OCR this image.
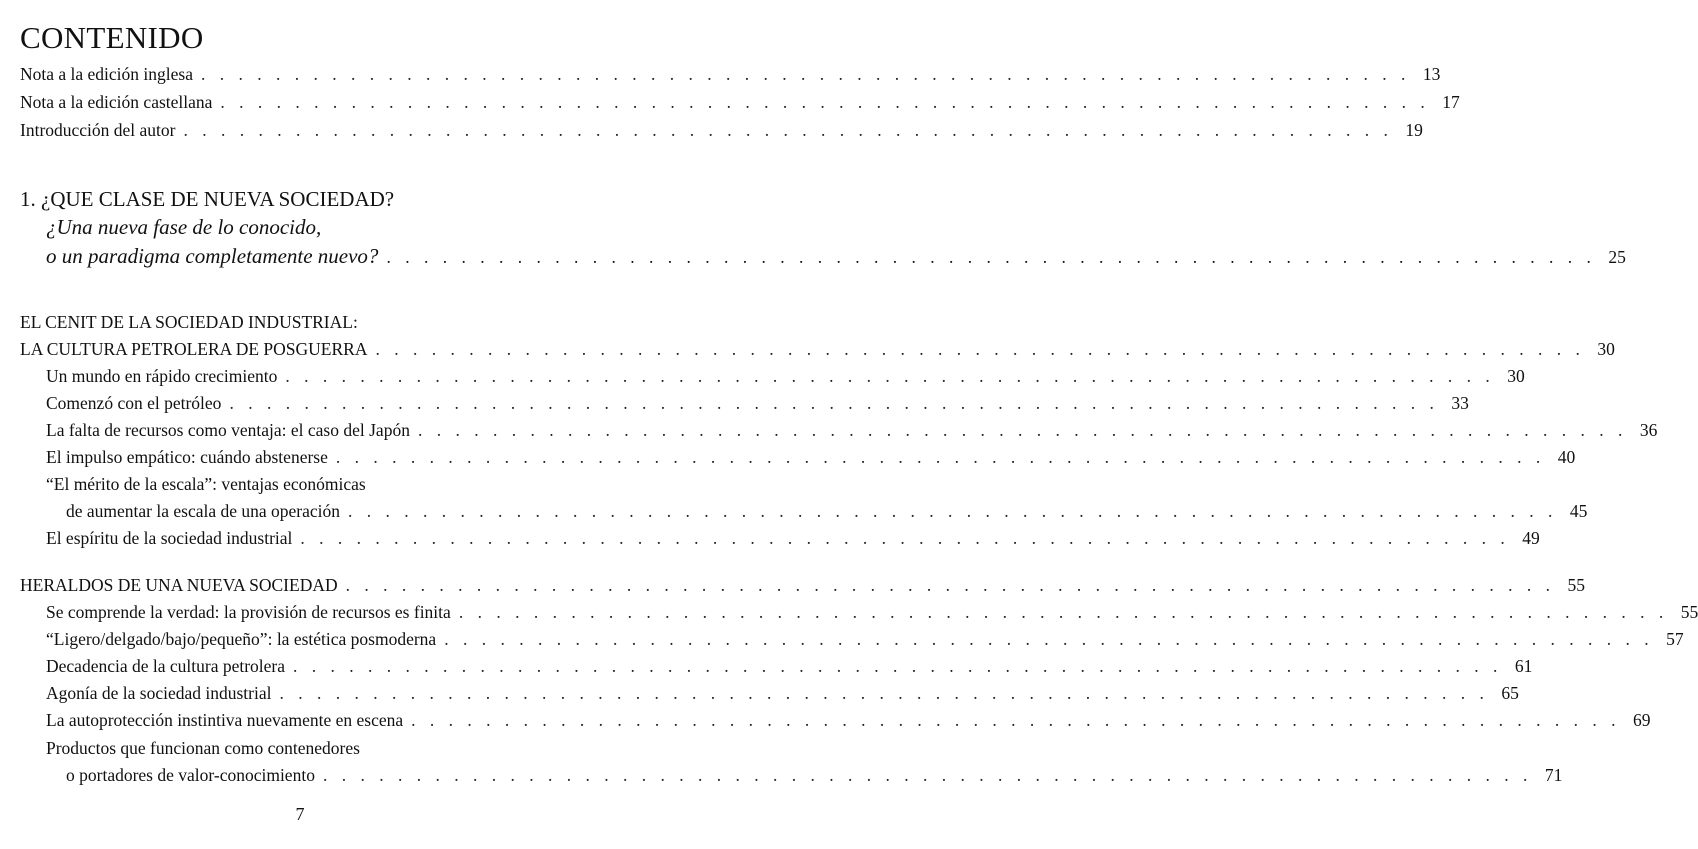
CONTENIDO
Nota a la edición inglesa . . . . . . . . . . . . . . . . . . . . . . . . . . . . . . . . . . . . . . . . . . . . . . . . . . . . . . . . . . . . . . . . . 13
Nota a la edición castellana . . . . . . . . . . . . . . . . . . . . . . . . . . . . . . . . . . . . . . . . . . . . . . . . . . . . . . . . . . . . . . . . . 17
Introducción del autor . . . . . . . . . . . . . . . . . . . . . . . . . . . . . . . . . . . . . . . . . . . . . . . . . . . . . . . . . . . . . . . . . 19
1. ¿QUE CLASE DE NUEVA SOCIEDAD?
¿Una nueva fase de lo conocido,
o un paradigma completamente nuevo? . . . . . . . . . . . . . . . . . . . . . . . . . . . . . . . . . . . . . . . . . . . . . . . . . . . . . . . . . . . . . . . . . 25
EL CENIT DE LA SOCIEDAD INDUSTRIAL:
LA CULTURA PETROLERA DE POSGUERRA . . . . . . . . . . . . . . . . . . . . . . . . . . . . . . . . . . . . . . . . . . . . . . . . . . . . . . . . . . . . . . . . . 30
Un mundo en rápido crecimiento . . . . . . . . . . . . . . . . . . . . . . . . . . . . . . . . . . . . . . . . . . . . . . . . . . . . . . . . . . . . . . . . . 30
Comenzó con el petróleo . . . . . . . . . . . . . . . . . . . . . . . . . . . . . . . . . . . . . . . . . . . . . . . . . . . . . . . . . . . . . . . . . 33
La falta de recursos como ventaja: el caso del Japón . . . . . . . . . . . . . . . . . . . . . . . . . . . . . . . . . . . . . . . . . . . . . . . . . . . . . . . . . . . . . . . . . 36
El impulso empático: cuándo abstenerse . . . . . . . . . . . . . . . . . . . . . . . . . . . . . . . . . . . . . . . . . . . . . . . . . . . . . . . . . . . . . . . . . 40
“El mérito de la escala”: ventajas económicas
de aumentar la escala de una operación . . . . . . . . . . . . . . . . . . . . . . . . . . . . . . . . . . . . . . . . . . . . . . . . . . . . . . . . . . . . . . . . . 45
El espíritu de la sociedad industrial . . . . . . . . . . . . . . . . . . . . . . . . . . . . . . . . . . . . . . . . . . . . . . . . . . . . . . . . . . . . . . . . . 49
HERALDOS DE UNA NUEVA SOCIEDAD . . . . . . . . . . . . . . . . . . . . . . . . . . . . . . . . . . . . . . . . . . . . . . . . . . . . . . . . . . . . . . . . . 55
Se comprende la verdad: la provisión de recursos es finita . . . . . . . . . . . . . . . . . . . . . . . . . . . . . . . . . . . . . . . . . . . . . . . . . . . . . . . . . . . . . . . . . 55
“Ligero/delgado/bajo/pequeño”: la estética posmoderna . . . . . . . . . . . . . . . . . . . . . . . . . . . . . . . . . . . . . . . . . . . . . . . . . . . . . . . . . . . . . . . . . 57
Decadencia de la cultura petrolera . . . . . . . . . . . . . . . . . . . . . . . . . . . . . . . . . . . . . . . . . . . . . . . . . . . . . . . . . . . . . . . . . 61
Agonía de la sociedad industrial . . . . . . . . . . . . . . . . . . . . . . . . . . . . . . . . . . . . . . . . . . . . . . . . . . . . . . . . . . . . . . . . . 65
La autoprotección instintiva nuevamente en escena . . . . . . . . . . . . . . . . . . . . . . . . . . . . . . . . . . . . . . . . . . . . . . . . . . . . . . . . . . . . . . . . . 69
Productos que funcionan como contenedores
o portadores de valor-conocimiento . . . . . . . . . . . . . . . . . . . . . . . . . . . . . . . . . . . . . . . . . . . . . . . . . . . . . . . . . . . . . . . . . 71
7
